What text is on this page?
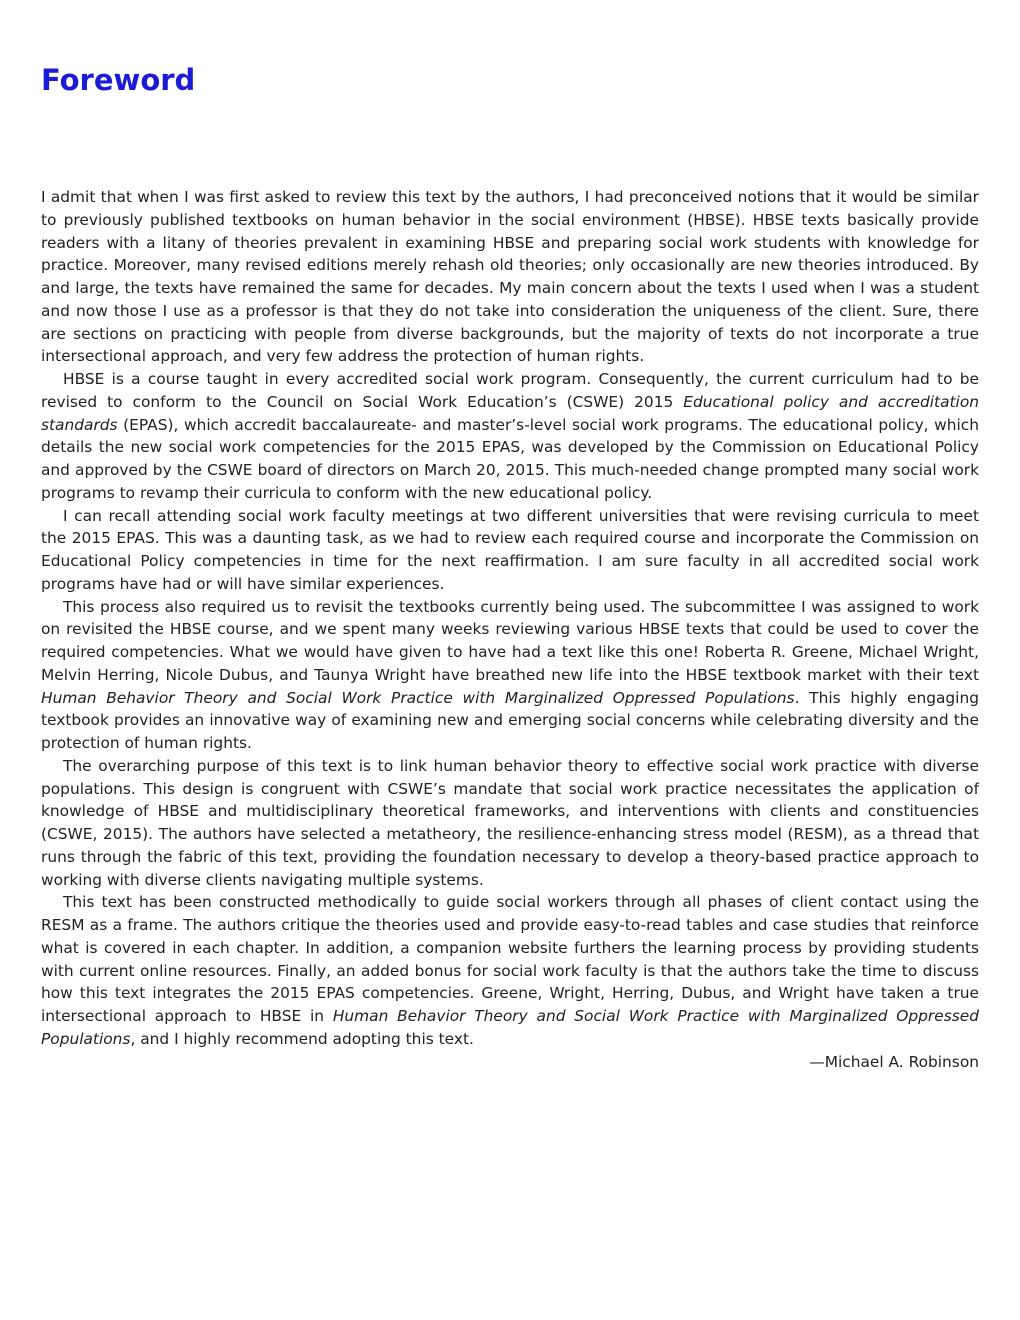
Foreword

I admit that when I was first asked to review this text by the authors, I had preconceived notions that it would be similar to previously published textbooks on human behavior in the social environment (HBSE). HBSE texts basically provide readers with a litany of theories prevalent in examining HBSE and preparing social work students with knowledge for practice. Moreover, many revised editions merely rehash old theories; only occasionally are new theories introduced. By and large, the texts have remained the same for decades. My main concern about the texts I used when I was a student and now those I use as a professor is that they do not take into consideration the uniqueness of the client. Sure, there are sections on practicing with people from diverse backgrounds, but the majority of texts do not incorporate a true intersectional approach, and very few address the protection of human rights.

HBSE is a course taught in every accredited social work program. Consequently, the current curriculum had to be revised to conform to the Council on Social Work Education’s (CSWE) 2015 Educational policy and accreditation standards (EPAS), which accredit baccalaureate- and master’s-level social work programs. The educational policy, which details the new social work competencies for the 2015 EPAS, was developed by the Commission on Educational Policy and approved by the CSWE board of directors on March 20, 2015. This much-needed change prompted many social work programs to revamp their curricula to conform with the new educational policy.

I can recall attending social work faculty meetings at two different universities that were revising curricula to meet the 2015 EPAS. This was a daunting task, as we had to review each required course and incorporate the Commission on Educational Policy competencies in time for the next reaffirmation. I am sure faculty in all accredited social work programs have had or will have similar experiences.

This process also required us to revisit the textbooks currently being used. The subcommittee I was assigned to work on revisited the HBSE course, and we spent many weeks reviewing various HBSE texts that could be used to cover the required competencies. What we would have given to have had a text like this one! Roberta R. Greene, Michael Wright, Melvin Herring, Nicole Dubus, and Taunya Wright have breathed new life into the HBSE textbook market with their text Human Behavior Theory and Social Work Practice with Marginalized Oppressed Populations. This highly engaging textbook provides an innovative way of examining new and emerging social concerns while celebrating diversity and the protection of human rights.

The overarching purpose of this text is to link human behavior theory to effective social work practice with diverse populations. This design is congruent with CSWE’s mandate that social work practice necessitates the application of knowledge of HBSE and multidisciplinary theoretical frameworks, and interventions with clients and constituencies (CSWE, 2015). The authors have selected a metatheory, the resilience-enhancing stress model (RESM), as a thread that runs through the fabric of this text, providing the foundation necessary to develop a theory-based practice approach to working with diverse clients navigating multiple systems.

This text has been constructed methodically to guide social workers through all phases of client contact using the RESM as a frame. The authors critique the theories used and provide easy-to-read tables and case studies that reinforce what is covered in each chapter. In addition, a companion website furthers the learning process by providing students with current online resources. Finally, an added bonus for social work faculty is that the authors take the time to discuss how this text integrates the 2015 EPAS competencies. Greene, Wright, Herring, Dubus, and Wright have taken a true intersectional approach to HBSE in Human Behavior Theory and Social Work Practice with Marginalized Oppressed Populations, and I highly recommend adopting this text.

—Michael A. Robinson
